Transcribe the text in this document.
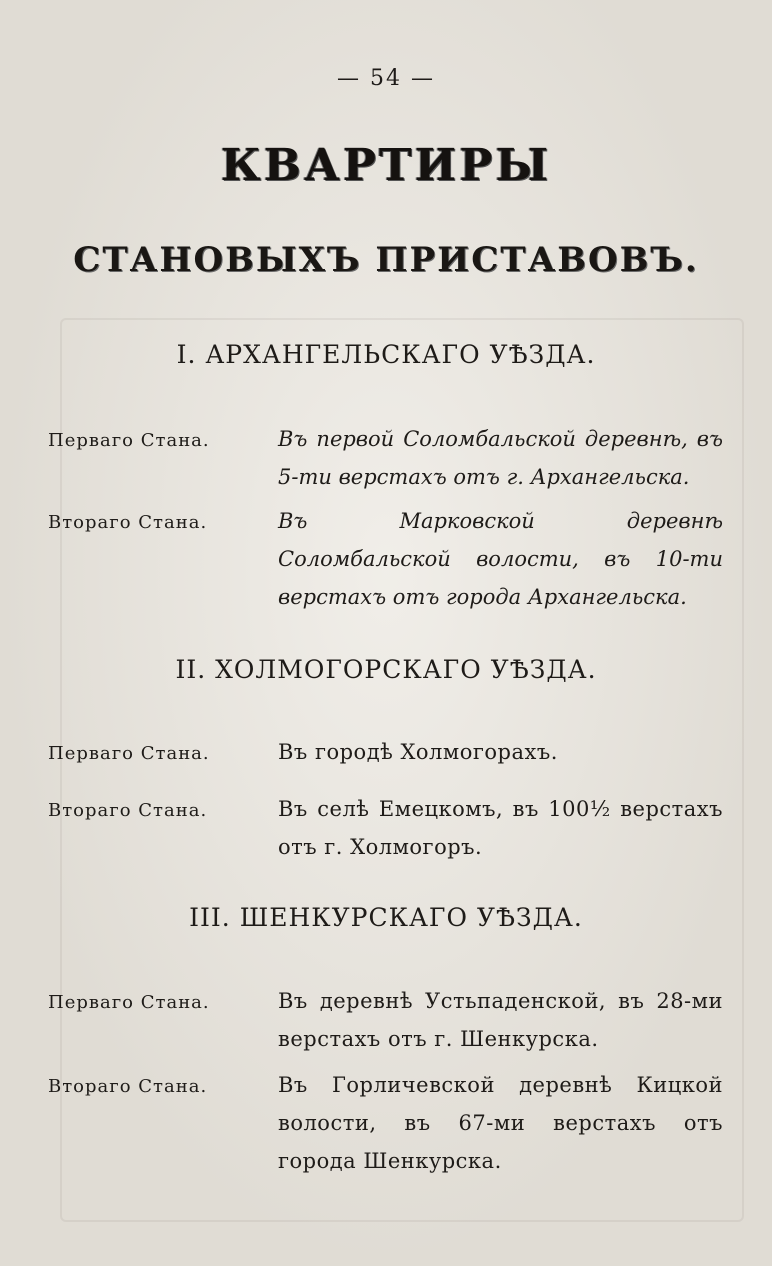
— 54 —
КВАРТИРЫ
СТАНОВЫХЪ ПРИСТАВОВЪ.
I. АРХАНГЕЛЬСКАГО УѢЗДА.
Перваго Стана.	Въ первой Соломбальской деревнѣ, въ 5-ти верстахъ отъ г. Архангельска.
Втораго Стана.	Въ Марковской деревнѣ Соломбальской волости, въ 10-ти верстахъ отъ города Архангельска.
II. ХОЛМОГОРСКАГО УѢЗДА.
Перваго Стана.	Въ городѣ Холмогорахъ.
Втораго Стана.	Въ селѣ Емецкомъ, въ 100½ верстахъ отъ г. Холмогоръ.
III. ШЕНКУРСКАГО УѢЗДА.
Перваго Стана.	Въ деревнѣ Устьпаденской, въ 28-ми верстахъ отъ г. Шенкурска.
Втораго Стана.	Въ Горличевской деревнѣ Кицкой волости, въ 67-ми верстахъ отъ города Шенкурска.
